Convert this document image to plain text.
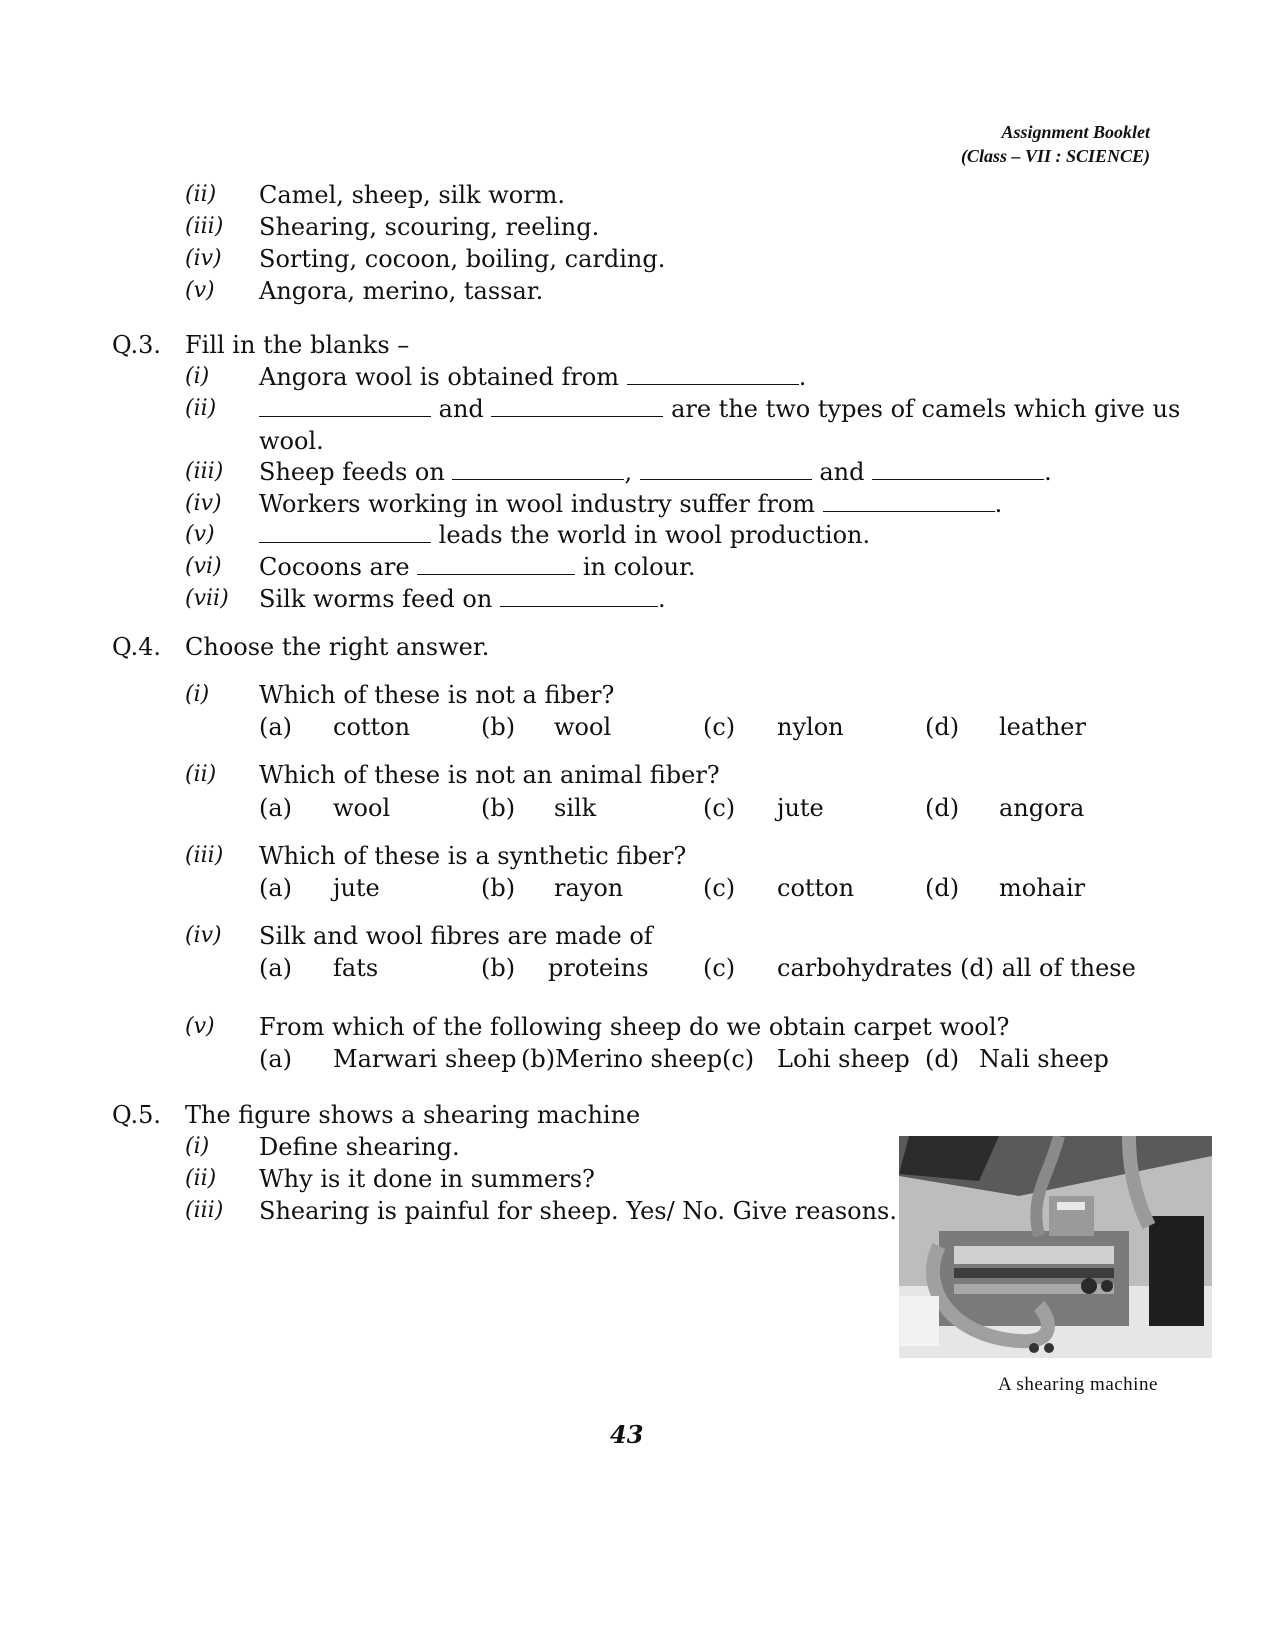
Assignment Booklet
(Class – VII : SCIENCE)
(ii) Camel, sheep, silk worm.
(iii) Shearing, scouring, reeling.
(iv) Sorting, cocoon, boiling, carding.
(v) Angora, merino, tassar.
Q.3. Fill in the blanks –
(i) Angora wool is obtained from	.
(ii)	and	are the two types of camels which give us
wool.
(iii) Sheep feeds on	,	and	.
(iv) Workers working in wool industry suffer from	.
(v)	leads the world in wool production.
(vi) Cocoons are	in colour.
(vii) Silk worms feed on	.
Q.4. Choose the right answer.
(i) Which of these is not a fiber?
(a) cotton	(b) wool	(c) nylon	(d) leather
(ii) Which of these is not an animal fiber?
(a) wool	(b) silk	(c) jute	(d) angora
(iii) Which of these is a synthetic fiber?
(a) jute	(b) rayon	(c) cotton	(d) mohair
(iv) Silk and wool fibres are made of
(a) fats	(b) proteins (c) carbohydrates (d) all of these
(v) From which of the following sheep do we obtain carpet wool?
(a) Marwari sheep (b)Merino sheep (c) Lohi sheep (d) Nali sheep
Q.5. The figure shows a shearing machine
(i) Define shearing.
(ii) Why is it done in summers?
(iii) Shearing is painful for sheep. Yes/ No. Give reasons.
A shearing machine
43
